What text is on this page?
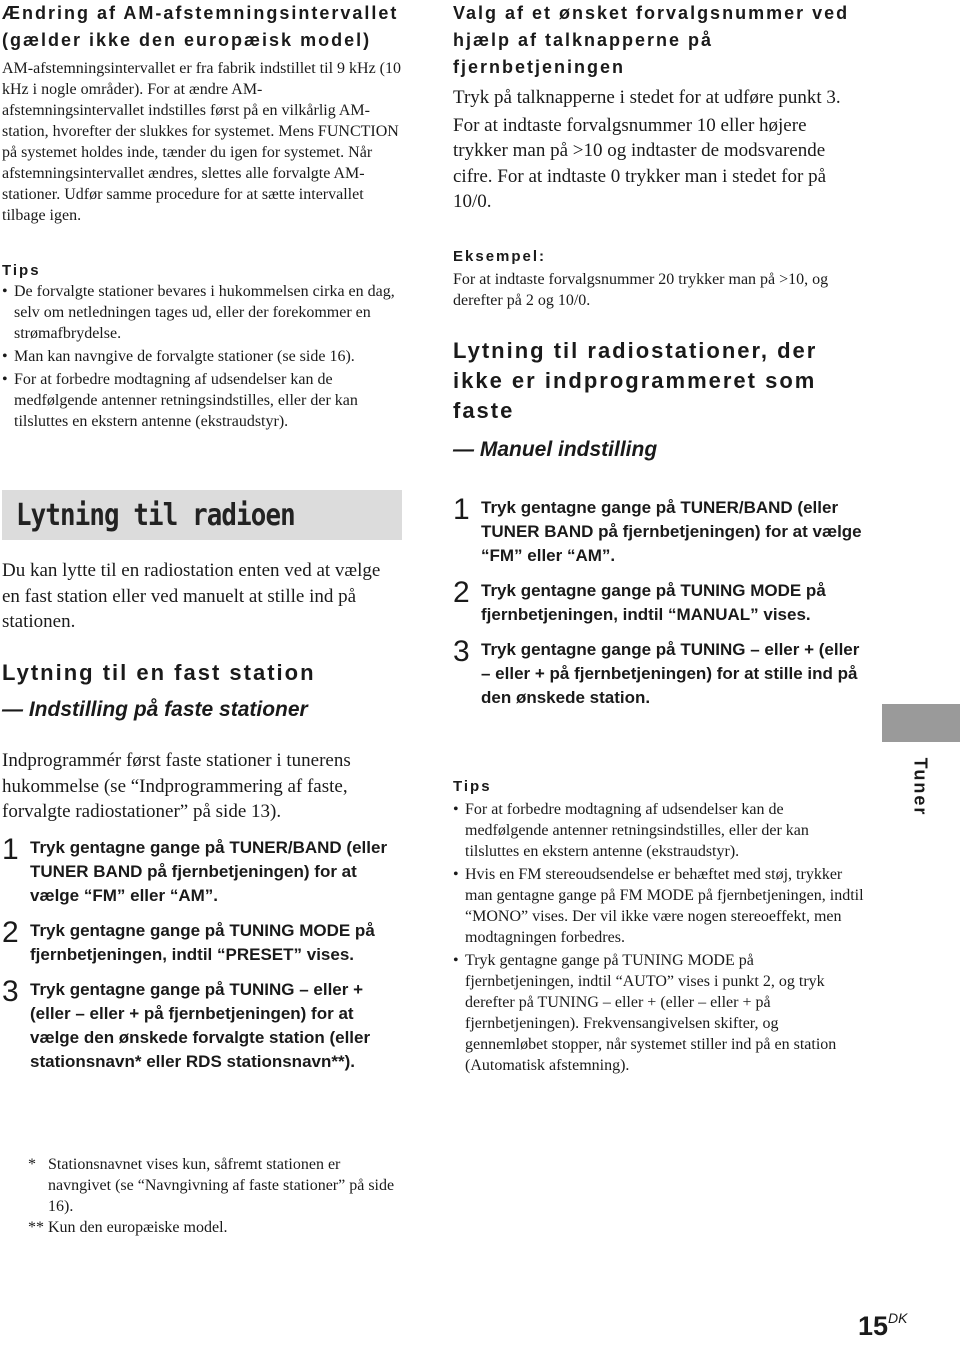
Ændring af AM-afstemningsintervallet (gælder ikke den europæisk model)

AM-afstemningsintervallet er fra fabrik indstillet til 9 kHz (10 kHz i nogle områder). For at ændre AM-afstemningsintervallet indstilles først på en vilkårlig AM-station, hvorefter der slukkes for systemet. Mens FUNCTION på systemet holdes inde, tænder du igen for systemet. Når afstemningsintervallet ændres, slettes alle forvalgte AM-stationer. Udfør samme procedure for at sætte intervallet tilbage igen.

Tips

• De forvalgte stationer bevares i hukommelsen cirka en dag, selv om netledningen tages ud, eller der forekommer en strømafbrydelse.
• Man kan navngive de forvalgte stationer (se side 16).
• For at forbedre modtagning af udsendelser kan de medfølgende antenner retningsindstilles, eller der kan tilsluttes en ekstern antenne (ekstraudstyr).
Lytning til radioen

Du kan lytte til en radiostation enten ved at vælge en fast station eller ved manuelt at stille ind på stationen.

Lytning til en fast station

— Indstilling på faste stationer

Indprogrammér først faste stationer i tunerens hukommelse (se “Indprogrammering af faste, forvalgte radiostationer” på side 13).

1 Tryk gentagne gange på TUNER/BAND (eller TUNER BAND på fjernbetjeningen) for at vælge “FM” eller “AM”.
2 Tryk gentagne gange på TUNING MODE på fjernbetjeningen, indtil “PRESET” vises.
3 Tryk gentagne gange på TUNING – eller + (eller – eller + på fjernbetjeningen) for at vælge den ønskede forvalgte station (eller stationsnavn* eller RDS stationsnavn**).
* Stationsnavnet vises kun, såfremt stationen er navngivet (se “Navngivning af faste stationer” på side 16).
** Kun den europæiske model.
Valg af et ønsket forvalgsnummer ved hjælp af talknapperne på fjernbetjeningen

Tryk på talknapperne i stedet for at udføre punkt 3.

For at indtaste forvalgsnummer 10 eller højere trykker man på >10 og indtaster de modsvarende cifre. For at indtaste 0 trykker man i stedet for på 10/0.

Eksempel:

For at indtaste forvalgsnummer 20 trykker man på >10, og derefter på 2 og 10/0.

Lytning til radiostationer, der ikke er indprogrammeret som faste

— Manuel indstilling

1 Tryk gentagne gange på TUNER/BAND (eller TUNER BAND på fjernbetjeningen) for at vælge “FM” eller “AM”.
2 Tryk gentagne gange på TUNING MODE på fjernbetjeningen, indtil “MANUAL” vises.
3 Tryk gentagne gange på TUNING – eller + (eller – eller + på fjernbetjeningen) for at stille ind på den ønskede station.

Tips

• For at forbedre modtagning af udsendelser kan de medfølgende antenner retningsindstilles, eller der kan tilsluttes en ekstern antenne (ekstraudstyr).
• Hvis en FM stereoudsendelse er behæftet med støj, trykker man gentagne gange på FM MODE på fjernbetjeningen, indtil “MONO” vises. Der vil ikke være nogen stereoeffekt, men modtagningen forbedres.
• Tryk gentagne gange på TUNING MODE på fjernbetjeningen, indtil “AUTO” vises i punkt 2, og tryk derefter på TUNING – eller + (eller – eller + på fjernbetjeningen). Frekvensangivelsen skifter, og gennemløbet stopper, når systemet stiller ind på en station (Automatisk afstemning).
Tuner
$15^{DK}$
